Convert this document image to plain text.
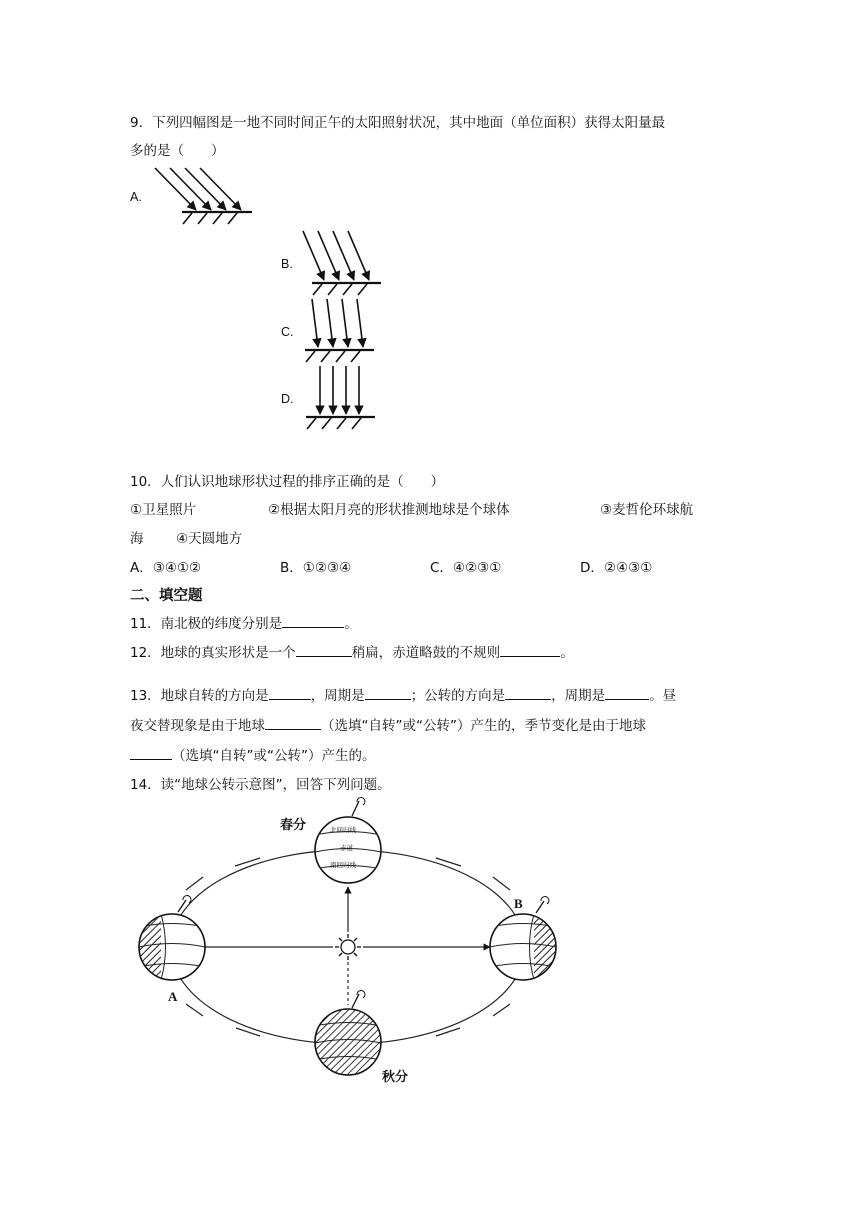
9．下列四幅图是一地不同时间正午的太阳照射状况，其中地面（单位面积）获得太阳量最
多的是（　　）
A.
B.
C.
D.
10．人们认识地球形状过程的排序正确的是（　　）
①卫星照片	②根据太阳月亮的形状推测地球是个球体	③麦哲伦环球航
海 ④天圆地方
A．③④①②	B．①②③④	C．④②③①	D．②④③①
二、填空题
11．南北极的纬度分别是	。
12．地球的真实形状是一个	稍扁，赤道略鼓的不规则	。
13．地球自转的方向是	，周期是	；公转的方向是	，周期是	。昼
夜交替现象是由于地球	（选填“自转”或“公转”）产生的，季节变化是由于地球
（选填“自转”或“公转”）产生的。
14．读“地球公转示意图”，回答下列问题。
春分
秋分
A
B
北回归线
赤道
南回归线
